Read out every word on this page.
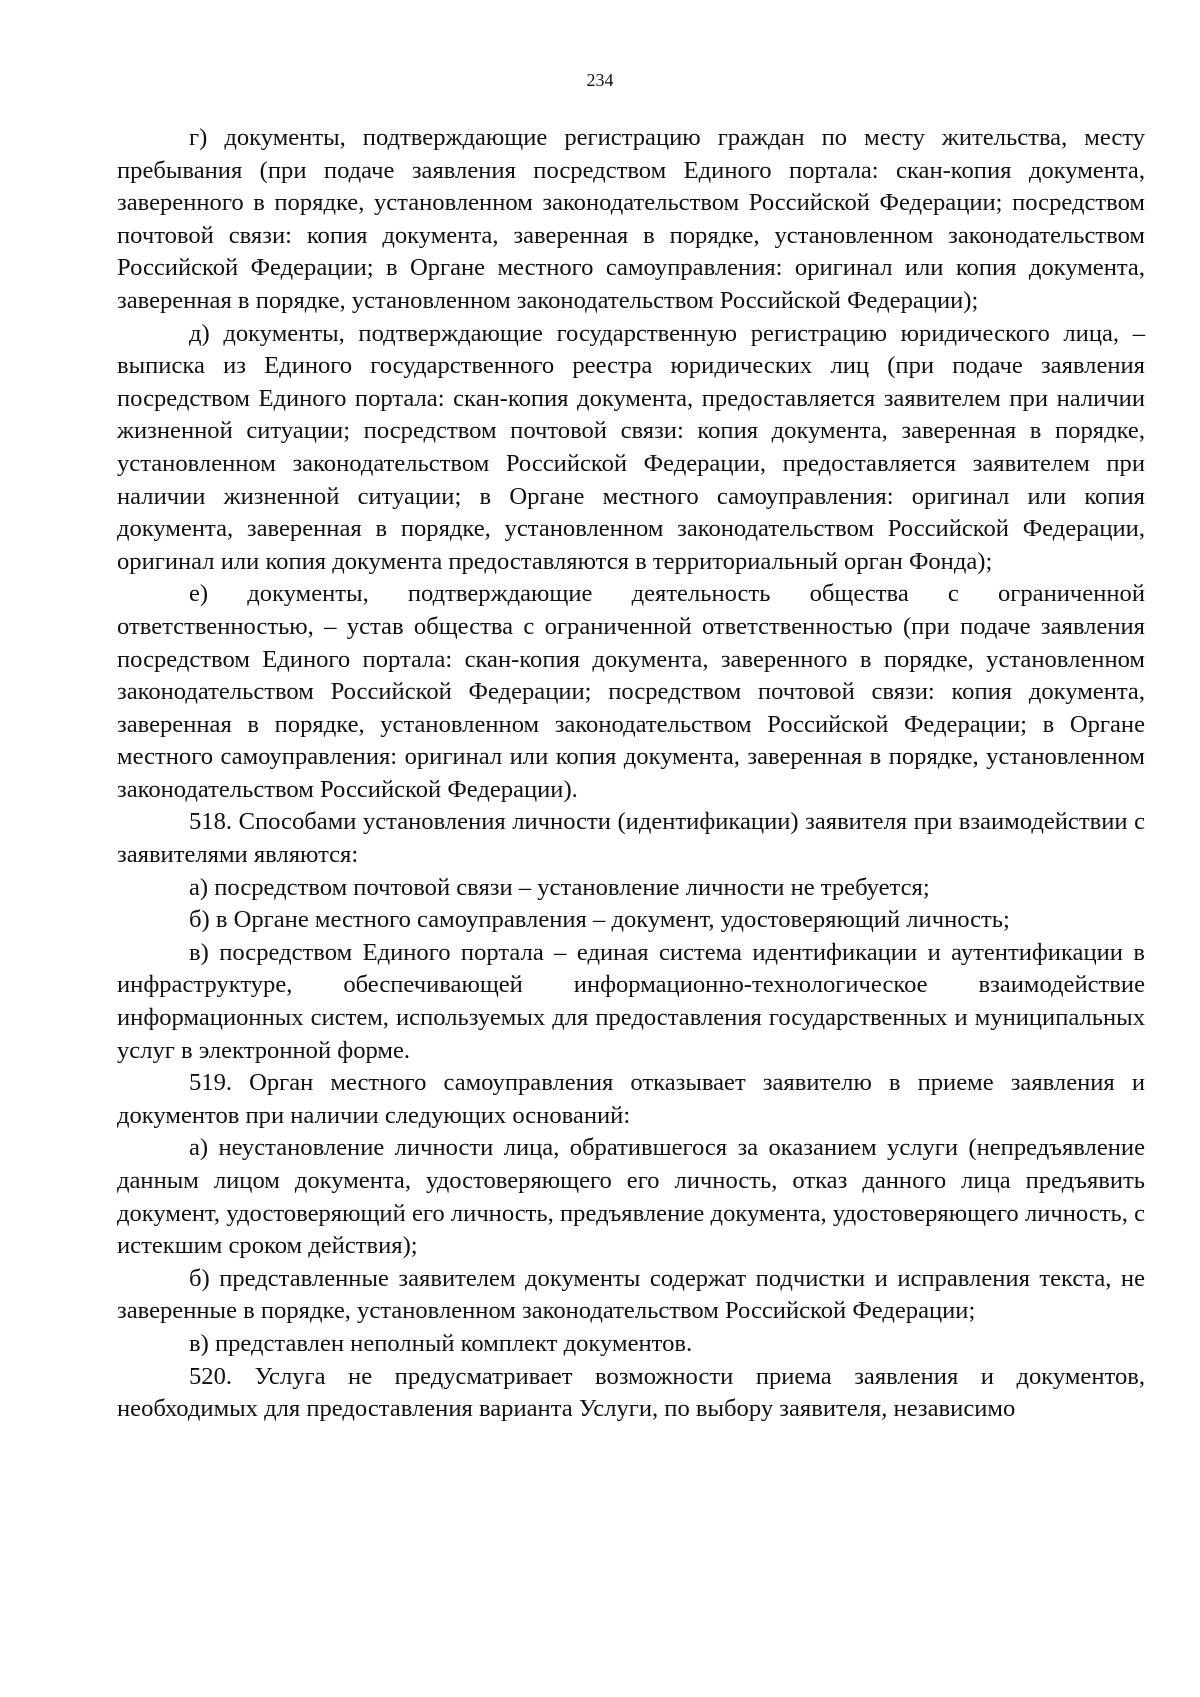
234

г) документы, подтверждающие регистрацию граждан по месту жительства, месту пребывания (при подаче заявления посредством Единого портала: скан-копия документа, заверенного в порядке, установленном законодательством Российской Федерации; посредством почтовой связи: копия документа, заверенная в порядке, установленном законодательством Российской Федерации; в Органе местного самоуправления: оригинал или копия документа, заверенная в порядке, установленном законодательством Российской Федерации);

д) документы, подтверждающие государственную регистрацию юридического лица, – выписка из Единого государственного реестра юридических лиц (при подаче заявления посредством Единого портала: скан-копия документа, предоставляется заявителем при наличии жизненной ситуации; посредством почтовой связи: копия документа, заверенная в порядке, установленном законодательством Российской Федерации, предоставляется заявителем при наличии жизненной ситуации; в Органе местного самоуправления: оригинал или копия документа, заверенная в порядке, установленном законодательством Российской Федерации, оригинал или копия документа предоставляются в территориальный орган Фонда);

е) документы, подтверждающие деятельность общества с ограниченной ответственностью, – устав общества с ограниченной ответственностью (при подаче заявления посредством Единого портала: скан-копия документа, заверенного в порядке, установленном законодательством Российской Федерации; посредством почтовой связи: копия документа, заверенная в порядке, установленном законодательством Российской Федерации; в Органе местного самоуправления: оригинал или копия документа, заверенная в порядке, установленном законодательством Российской Федерации).

518. Способами установления личности (идентификации) заявителя при взаимодействии с заявителями являются:

а) посредством почтовой связи – установление личности не требуется;

б) в Органе местного самоуправления – документ, удостоверяющий личность;

в) посредством Единого портала – единая система идентификации и аутентификации в инфраструктуре, обеспечивающей информационно-технологическое взаимодействие информационных систем, используемых для предоставления государственных и муниципальных услуг в электронной форме.

519. Орган местного самоуправления отказывает заявителю в приеме заявления и документов при наличии следующих оснований:

а) неустановление личности лица, обратившегося за оказанием услуги (непредъявление данным лицом документа, удостоверяющего его личность, отказ данного лица предъявить документ, удостоверяющий его личность, предъявление документа, удостоверяющего личность, с истекшим сроком действия);

б) представленные заявителем документы содержат подчистки и исправления текста, не заверенные в порядке, установленном законодательством Российской Федерации;

в) представлен неполный комплект документов.

520. Услуга не предусматривает возможности приема заявления и документов, необходимых для предоставления варианта Услуги, по выбору заявителя, независимо
